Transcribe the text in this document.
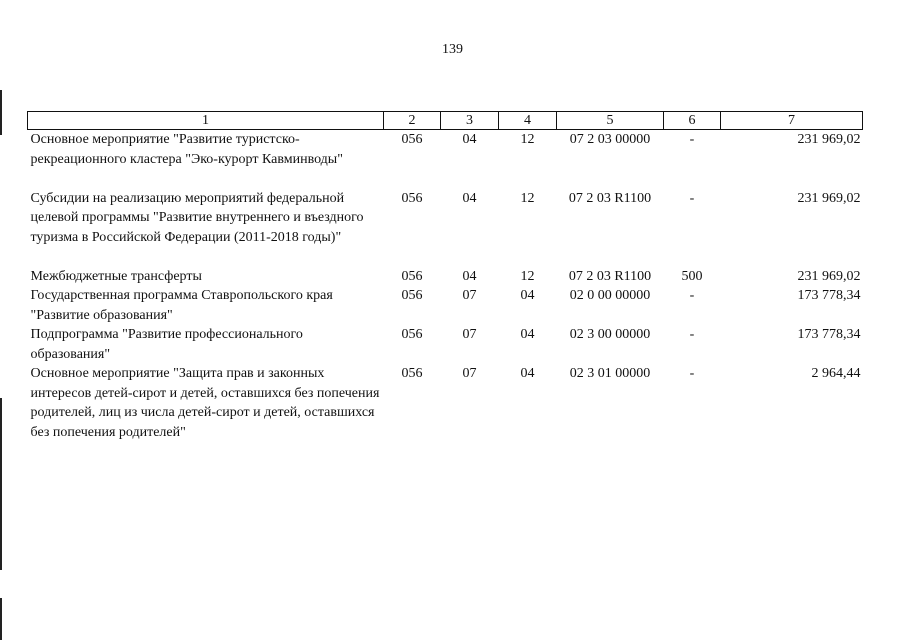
139
1	2	3	4	5	6	7
Основное мероприятие "Развитие туристско-рекреационного кластера "Эко-курорт Кавминводы"	056	04	12	07 2 03 00000	-	231 969,02
Субсидии на реализацию мероприятий федеральной целевой программы "Развитие внутреннего и въездного туризма в Российской Федерации (2011-2018 годы)"	056	04	12	07 2 03 R1100	-	231 969,02
Межбюджетные трансферты	056	04	12	07 2 03 R1100	500	231 969,02
Государственная программа Ставропольского края "Развитие образования"	056	07	04	02 0 00 00000	-	173 778,34
Подпрограмма "Развитие профессионального образования"	056	07	04	02 3 00 00000	-	173 778,34
Основное мероприятие "Защита прав и законных интересов детей-сирот и детей, оставшихся без попечения родителей, лиц из числа детей-сирот и детей, оставшихся без попечения родителей"	056	07	04	02 3 01 00000	-	2 964,44
